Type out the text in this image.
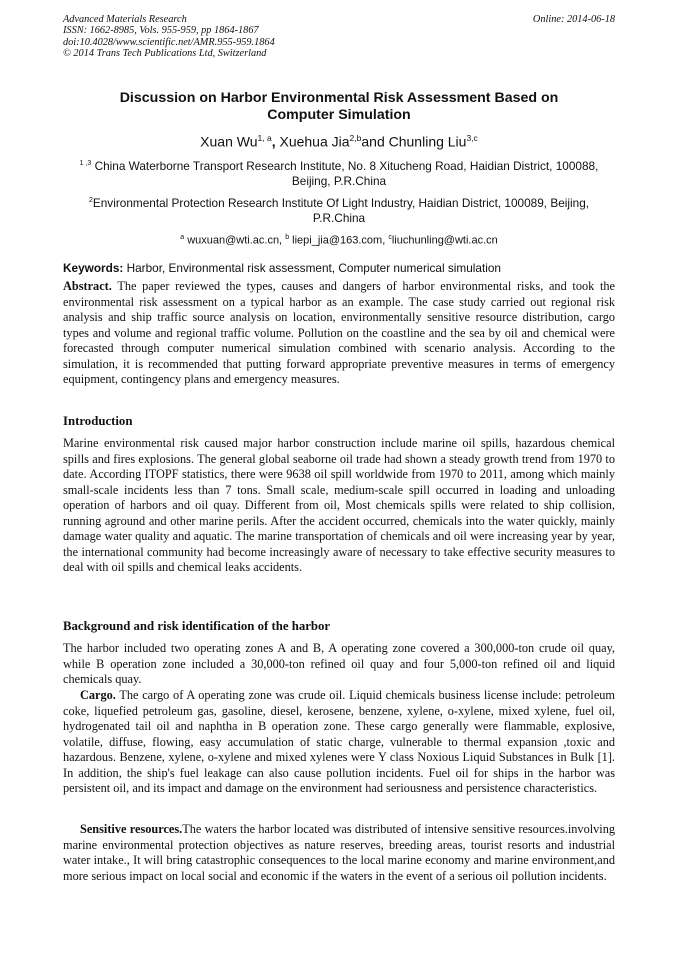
Advanced Materials Research
ISSN: 1662-8985, Vols. 955-959, pp 1864-1867
doi:10.4028/www.scientific.net/AMR.955-959.1864
© 2014 Trans Tech Publications Ltd, Switzerland
Online: 2014-06-18
Discussion on Harbor Environmental Risk Assessment Based on
Computer Simulation
Xuan Wu$^{1, a}$, Xuehua Jia$^{2,b}$and Chunling Liu$^{3,c}$
$^{1 ,3}$ China Waterborne Transport Research Institute, No. 8 Xitucheng Road, Haidian District, 100088, Beijing, P.R.China
$^2$Environmental Protection Research Institute Of Light Industry, Haidian District, 100089, Beijing, P.R.China
$^a$ wuxuan@wti.ac.cn, $^b$ liepi_jia@163.com, $^c$liuchunling@wti.ac.cn
Keywords: Harbor, Environmental risk assessment, Computer numerical simulation
Abstract. The paper reviewed the types, causes and dangers of harbor environmental risks, and took the environmental risk assessment on a typical harbor as an example. The case study carried out regional risk analysis and ship traffic source analysis on location, environmentally sensitive resource distribution, cargo types and volume and regional traffic volume. Pollution on the coastline and the sea by oil and chemical were forecasted through computer numerical simulation combined with scenario analysis. According to the simulation, it is recommended that putting forward appropriate preventive measures in terms of emergency equipment, contingency plans and emergency measures.
Introduction
Marine environmental risk caused major harbor construction include marine oil spills, hazardous chemical spills and fires explosions. The general global seaborne oil trade had shown a steady growth trend from 1970 to date. According ITOPF statistics, there were 9638 oil spill worldwide from 1970 to 2011, among which mainly small-scale incidents less than 7 tons. Small scale, medium-scale spill occurred in loading and unloading operation of harbors and oil quay. Different from oil, Most chemicals spills were related to ship collision, running aground and other marine perils. After the accident occurred, chemicals into the water quickly, mainly damage water quality and aquatic. The marine transportation of chemicals and oil were increasing year by year, the international community had become increasingly aware of necessary to take effective security measures to deal with oil spills and chemical leaks accidents.
Background and risk identification of the harbor
The harbor included two operating zones A and B, A operating zone covered a 300,000-ton crude oil quay, while B operation zone included a 30,000-ton refined oil quay and four 5,000-ton refined oil and liquid chemicals quay.
Cargo. The cargo of A operating zone was crude oil. Liquid chemicals business license include: petroleum coke, liquefied petroleum gas, gasoline, diesel, kerosene, benzene, xylene, o-xylene, mixed xylene, fuel oil, hydrogenated tail oil and naphtha in B operation zone. These cargo generally were flammable, explosive, volatile, diffuse, flowing, easy accumulation of static charge, vulnerable to thermal expansion ,toxic and hazardous. Benzene, xylene, o-xylene and mixed xylenes were Y class Noxious Liquid Substances in Bulk [1]. In addition, the ship's fuel leakage can also cause pollution incidents. Fuel oil for ships in the harbor was persistent oil, and its impact and damage on the environment had seriousness and persistence characteristics.
Sensitive resources.The waters the harbor located was distributed of intensive sensitive resources.involving marine environmental protection objectives as nature reserves, breeding areas, tourist resorts and industrial water intake., It will bring catastrophic consequences to the local marine economy and marine environment,and more serious impact on local social and economic if the waters in the event of a serious oil pollution incidents.
